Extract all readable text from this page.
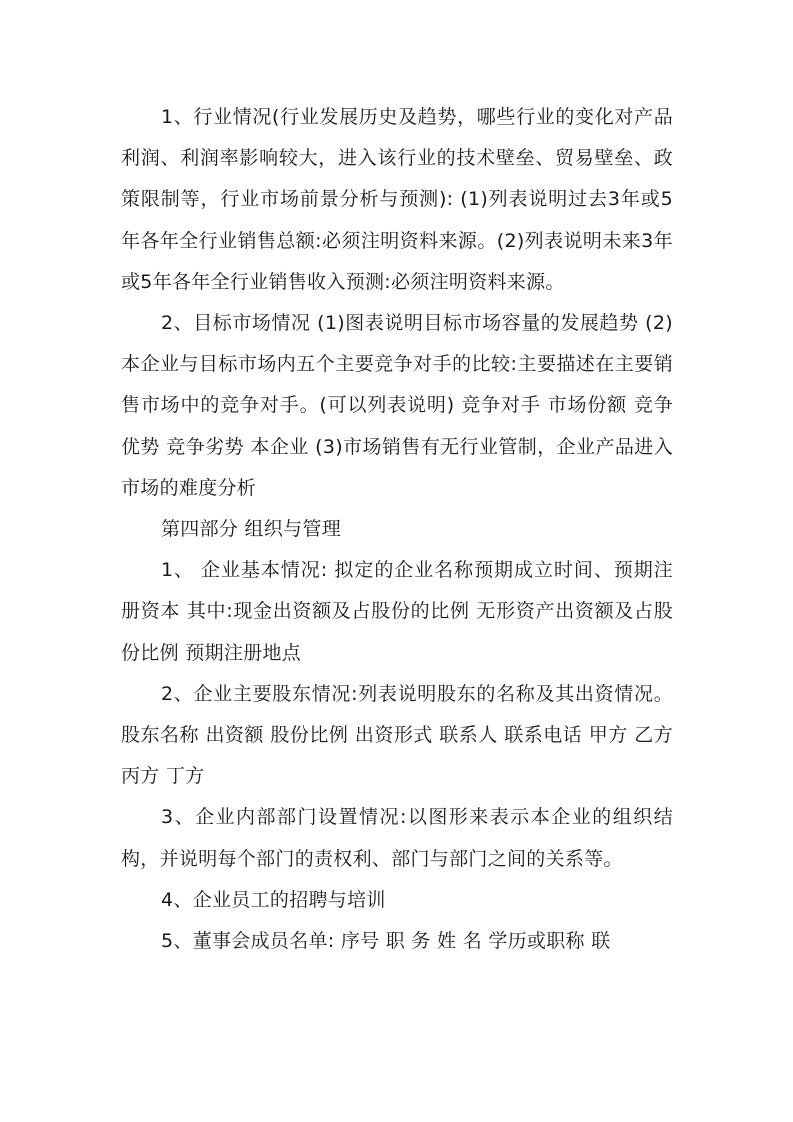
1、行业情况(行业发展历史及趋势，哪些行业的变化对产品利润、利润率影响较大，进入该行业的技术壁垒、贸易壁垒、政策限制等，行业市场前景分析与预测): (1)列表说明过去3年或5年各年全行业销售总额:必须注明资料来源。(2)列表说明未来3年或5年各年全行业销售收入预测:必须注明资料来源。

2、目标市场情况 (1)图表说明目标市场容量的发展趋势 (2)本企业与目标市场内五个主要竞争对手的比较:主要描述在主要销售市场中的竞争对手。(可以列表说明) 竞争对手 市场份额 竞争优势 竞争劣势 本企业 (3)市场销售有无行业管制，企业产品进入市场的难度分析

第四部分 组织与管理

1、 企业基本情况: 拟定的企业名称预期成立时间、预期注册资本 其中:现金出资额及占股份的比例 无形资产出资额及占股份比例 预期注册地点

2、企业主要股东情况:列表说明股东的名称及其出资情况。 股东名称 出资额 股份比例 出资形式 联系人 联系电话 甲方 乙方 丙方 丁方

3、企业内部部门设置情况:以图形来表示本企业的组织结构，并说明每个部门的责权利、部门与部门之间的关系等。

4、企业员工的招聘与培训

5、董事会成员名单: 序号 职 务 姓 名 学历或职称 联
